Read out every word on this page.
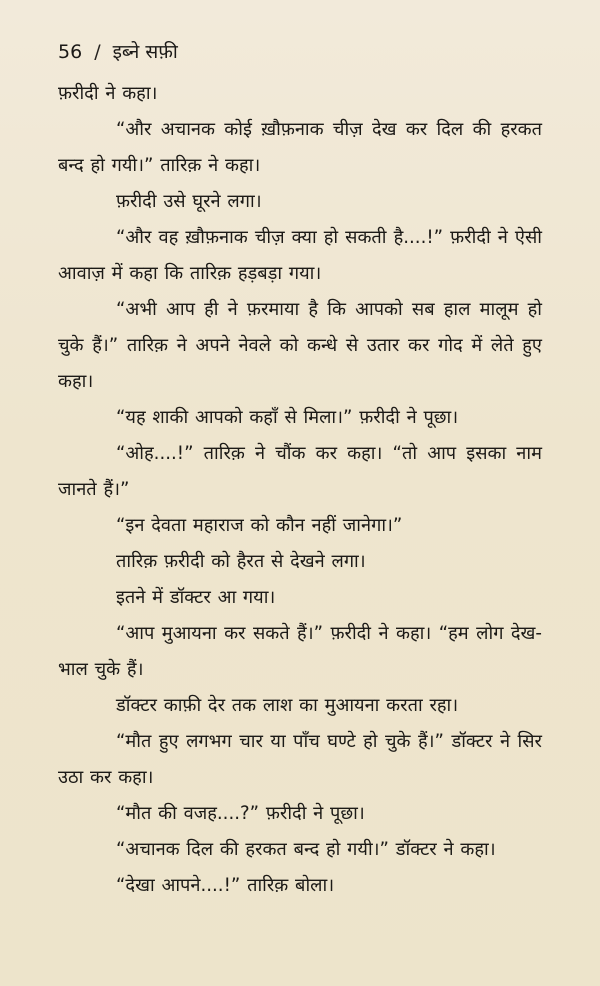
56 / इब्ने सफ़ी

फ़रीदी ने कहा।

“और अचानक कोई ख़ौफ़नाक चीज़ देख कर दिल की हरकत बन्द हो गयी।” तारिक़ ने कहा।

फ़रीदी उसे घूरने लगा।

“और वह ख़ौफ़नाक चीज़ क्या हो सकती है....!” फ़रीदी ने ऐसी आवाज़ में कहा कि तारिक़ हड़बड़ा गया।

“अभी आप ही ने फ़रमाया है कि आपको सब हाल मालूम हो चुके हैं।” तारिक़ ने अपने नेवले को कन्धे से उतार कर गोद में लेते हुए कहा।

“यह शाकी आपको कहाँ से मिला।” फ़रीदी ने पूछा।

“ओह....!” तारिक़ ने चौंक कर कहा। “तो आप इसका नाम जानते हैं।”

“इन देवता महाराज को कौन नहीं जानेगा।”

तारिक़ फ़रीदी को हैरत से देखने लगा।

इतने में डॉक्टर आ गया।

“आप मुआयना कर सकते हैं।” फ़रीदी ने कहा। “हम लोग देख-भाल चुके हैं।

डॉक्टर काफ़ी देर तक लाश का मुआयना करता रहा।

“मौत हुए लगभग चार या पाँच घण्टे हो चुके हैं।” डॉक्टर ने सिर उठा कर कहा।

“मौत की वजह....?” फ़रीदी ने पूछा।

“अचानक दिल की हरकत बन्द हो गयी।” डॉक्टर ने कहा।

“देखा आपने....!” तारिक़ बोला।
